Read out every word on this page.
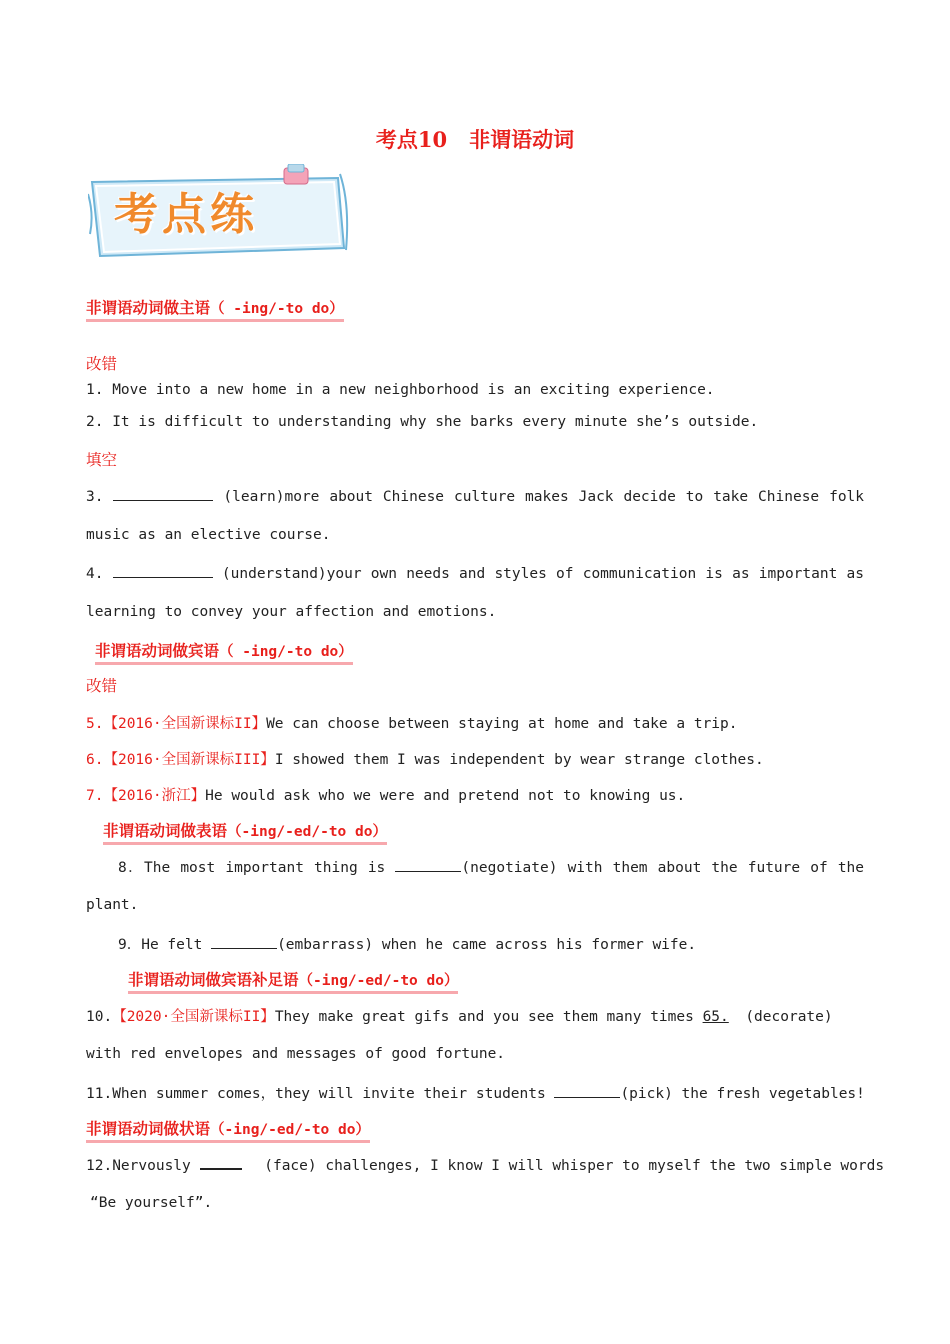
考点10 非谓语动词
考点练
非谓语动词做主语（ -ing/-to do）
改错
1. Move into a new home in a new neighborhood is an exciting experience.
2. It is difficult to understanding why she barks every minute she’s outside.
填空
3.	(learn)more about Chinese culture makes Jack decide to take Chinese folk
music as an elective course.
4.	(understand)your own needs and styles of communication is as important as
learning to convey your affection and emotions.
非谓语动词做宾语（ -ing/-to do）
改错
5.【2016·全国新课标II】We can choose between staying at home and take a trip.
6.【2016·全国新课标III】I showed them I was independent by wear strange clothes.
7.【2016·浙江】He would ask who we were and pretend not to knowing us.
非谓语动词做表语（-ing/-ed/-to do）
8．The most important thing is	(negotiate) with them about the future of the
plant.
9．He felt	(embarrass) when he came across his former wife.
非谓语动词做宾语补足语（-ing/-ed/-to do）
10.【2020·全国新课标II】They make great gifs and you see them many times 65. (decorate)
with red envelopes and messages of good fortune.
11.When summer comes，they will invite their students	(pick) the fresh vegetables!
非谓语动词做状语（-ing/-ed/-to do）
12.Nervously	(face) challenges, I know I will whisper to myself the two simple words
“Be yourself”.
